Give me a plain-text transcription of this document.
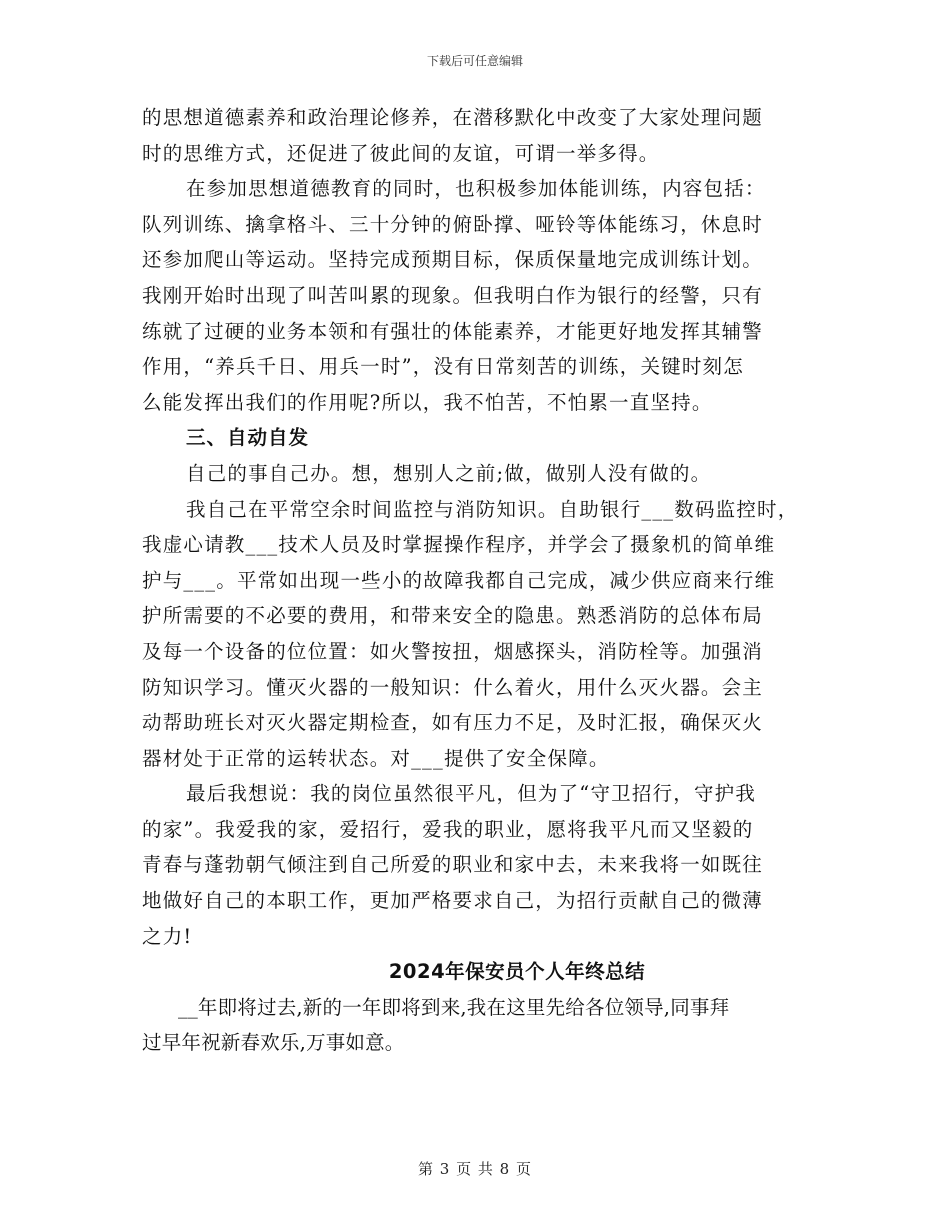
下载后可任意编辑
的思想道德素养和政治理论修养，在潜移默化中改变了大家处理问题
时的思维方式，还促进了彼此间的友谊，可谓一举多得。
在参加思想道德教育的同时，也积极参加体能训练，内容包括：
队列训练、擒拿格斗、三十分钟的俯卧撑、哑铃等体能练习，休息时
还参加爬山等运动。坚持完成预期目标，保质保量地完成训练计划。
我刚开始时出现了叫苦叫累的现象。但我明白作为银行的经警，只有
练就了过硬的业务本领和有强壮的体能素养，才能更好地发挥其辅警
作用，“养兵千日、用兵一时”，没有日常刻苦的训练，关键时刻怎
么能发挥出我们的作用呢?所以，我不怕苦，不怕累一直坚持。
三、自动自发
自己的事自己办。想，想别人之前;做，做别人没有做的。
我自己在平常空余时间监控与消防知识。自助银行___数码监控时，
我虚心请教___技术人员及时掌握操作程序，并学会了摄象机的简单维
护与___。平常如出现一些小的故障我都自己完成，减少供应商来行维
护所需要的不必要的费用，和带来安全的隐患。熟悉消防的总体布局
及每一个设备的位位置：如火警按扭，烟感探头，消防栓等。加强消
防知识学习。懂灭火器的一般知识：什么着火，用什么灭火器。会主
动帮助班长对灭火器定期检查，如有压力不足，及时汇报，确保灭火
器材处于正常的运转状态。对___提供了安全保障。
最后我想说：我的岗位虽然很平凡，但为了“守卫招行，守护我
的家”。我爱我的家，爱招行，爱我的职业，愿将我平凡而又坚毅的
青春与蓬勃朝气倾注到自己所爱的职业和家中去，未来我将一如既往
地做好自己的本职工作，更加严格要求自己，为招行贡献自己的微薄
之力!
2024年保安员个人年终总结
__年即将过去,新的一年即将到来,我在这里先给各位领导,同事拜
过早年祝新春欢乐,万事如意。
第 3 页 共 8 页
